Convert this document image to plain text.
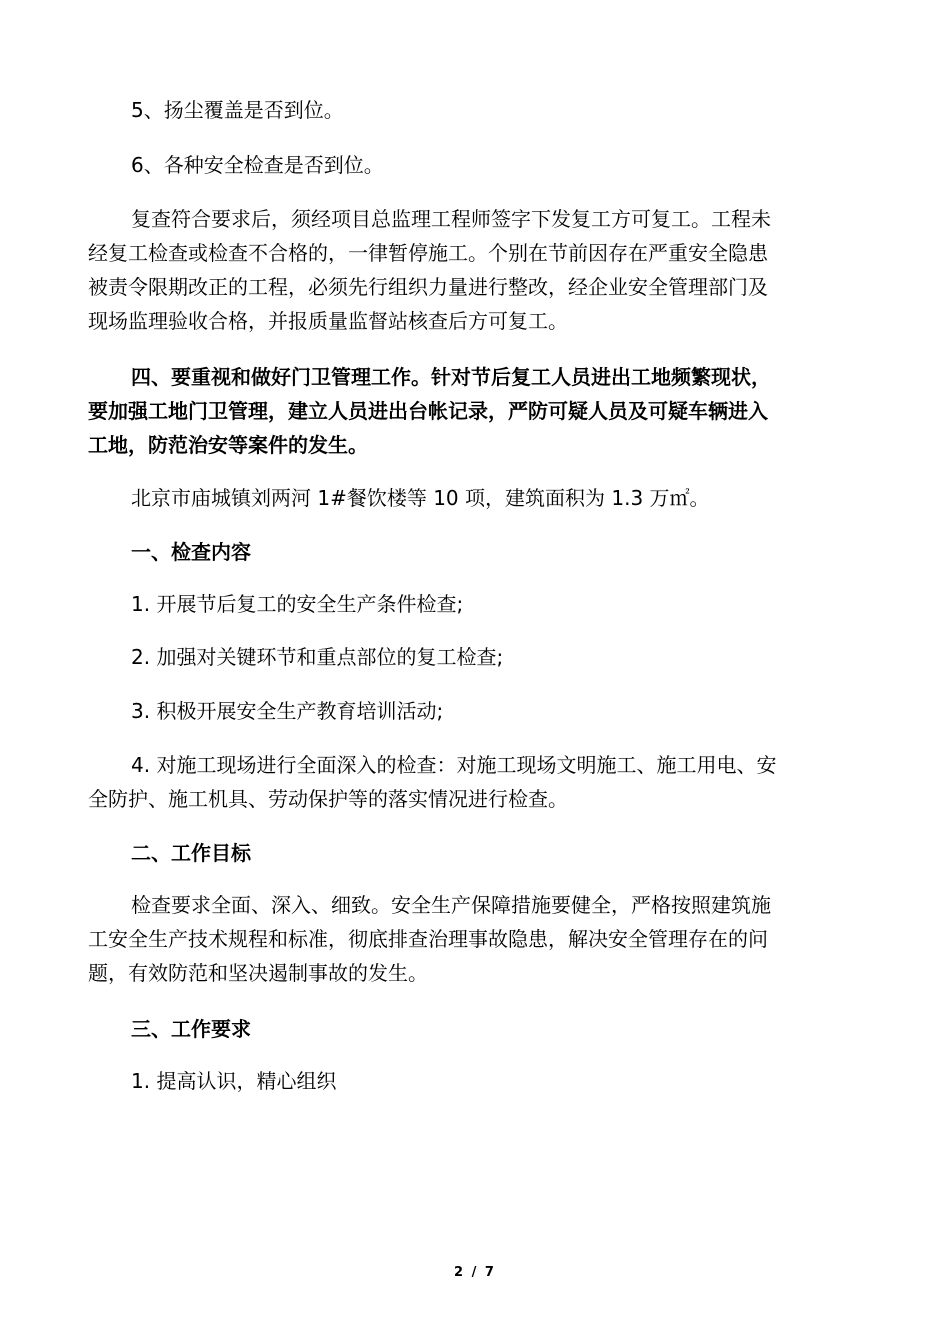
5、扬尘覆盖是否到位。

6、各种安全检查是否到位。

复查符合要求后，须经项目总监理工程师签字下发复工方可复工。工程未
经复工检查或检查不合格的，一律暂停施工。个别在节前因存在严重安全隐患
被责令限期改正的工程，必须先行组织力量进行整改，经企业安全管理部门及
现场监理验收合格，并报质量监督站核查后方可复工。

四、要重视和做好门卫管理工作。针对节后复工人员进出工地频繁现状，
要加强工地门卫管理，建立人员进出台帐记录，严防可疑人员及可疑车辆进入
工地，防范治安等案件的发生。

北京市庙城镇刘两河 1#餐饮楼等 10 项，建筑面积为 1.3 万㎡。

一、检查内容

1. 开展节后复工的安全生产条件检查;

2. 加强对关键环节和重点部位的复工检查;

3. 积极开展安全生产教育培训活动;

4. 对施工现场进行全面深入的检查：对施工现场文明施工、施工用电、安
全防护、施工机具、劳动保护等的落实情况进行检查。

二、工作目标

检查要求全面、深入、细致。安全生产保障措施要健全，严格按照建筑施
工安全生产技术规程和标准，彻底排查治理事故隐患，解决安全管理存在的问
题，有效防范和坚决遏制事故的发生。

三、工作要求

1. 提高认识，精心组织

2 / 7
